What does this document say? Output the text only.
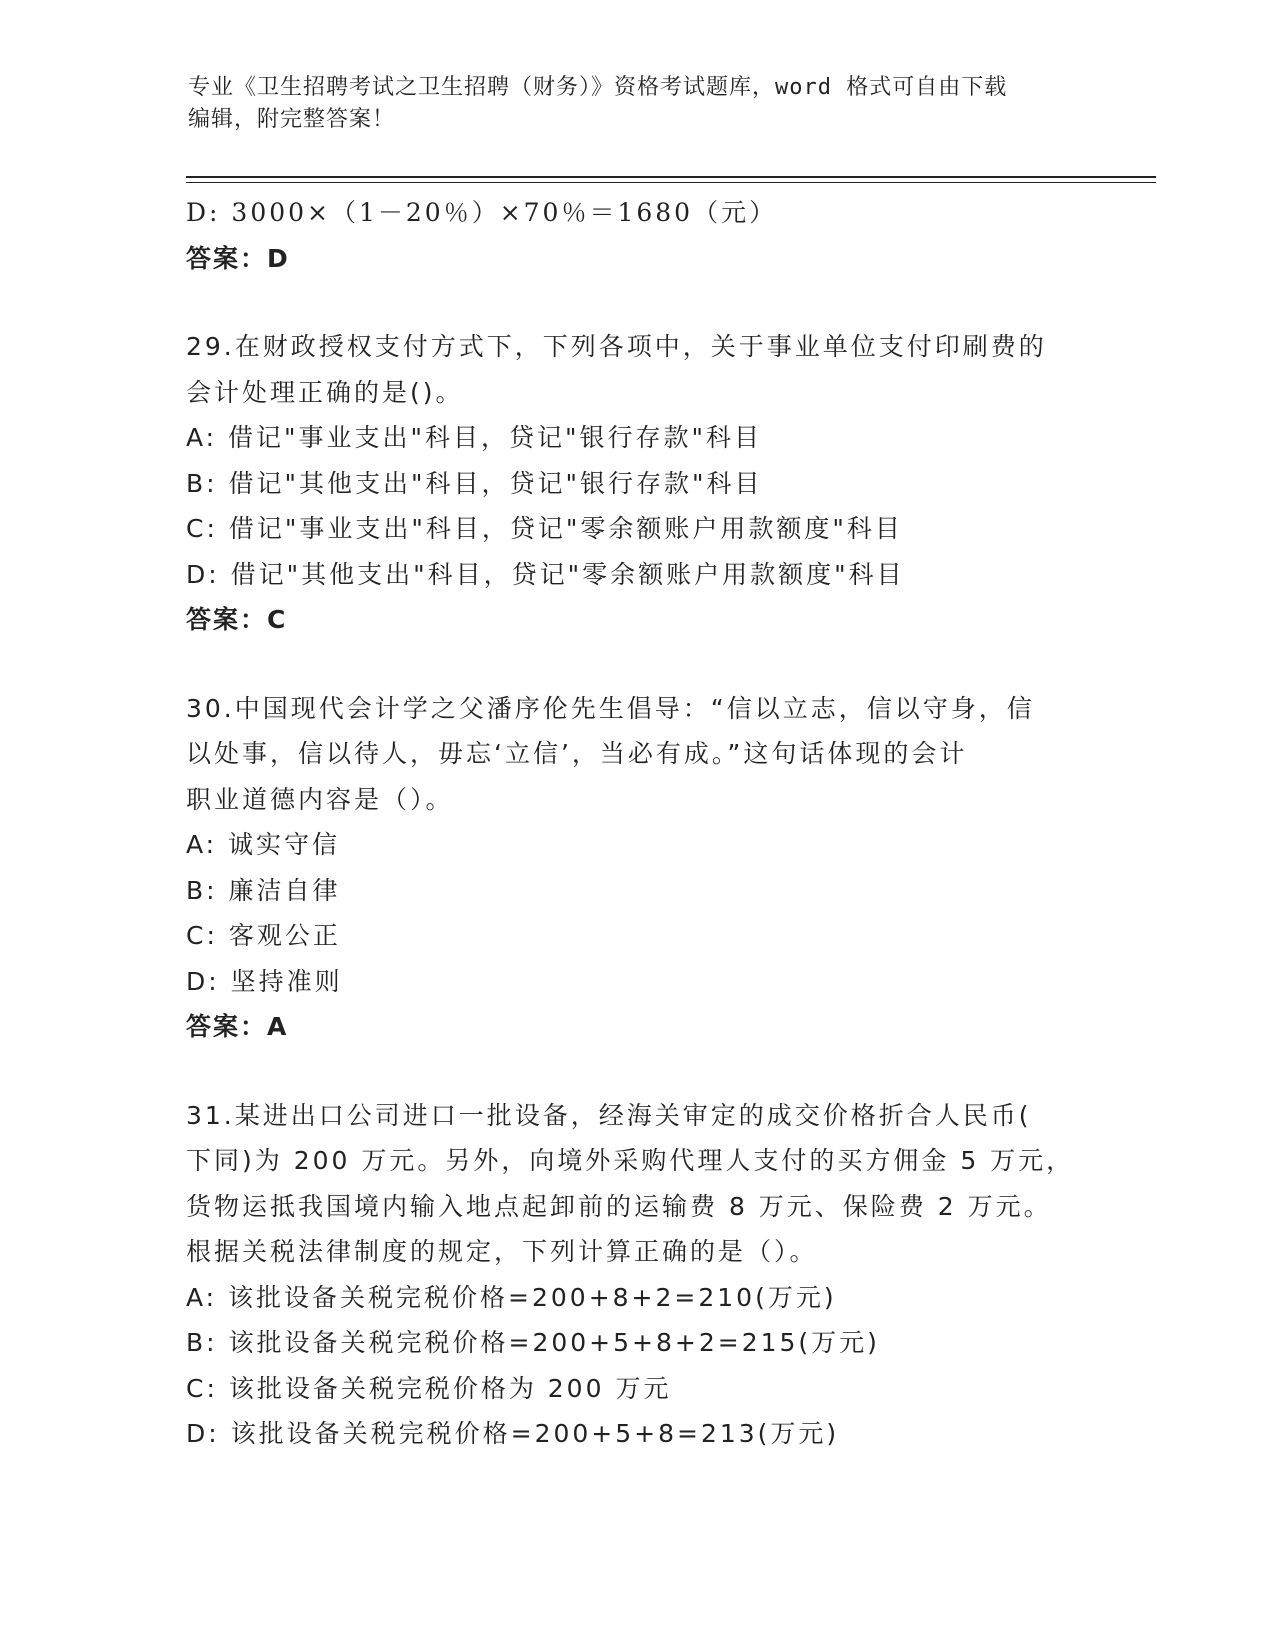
专业《卫生招聘考试之卫生招聘（财务）》资格考试题库，word 格式可自由下载
编辑，附完整答案！
D: 3000×（1－20％）×70％＝1680（元）
答案：D
29.在财政授权支付方式下，下列各项中，关于事业单位支付印刷费的
会计处理正确的是()。
A: 借记"事业支出"科目，贷记"银行存款"科目
B: 借记"其他支出"科目，贷记"银行存款"科目
C: 借记"事业支出"科目，贷记"零余额账户用款额度"科目
D: 借记"其他支出"科目，贷记"零余额账户用款额度"科目
答案：C
30.中国现代会计学之父潘序伦先生倡导：“信以立志，信以守身，信
以处事，信以待人，毋忘‘立信’，当必有成。”这句话体现的会计
职业道德内容是（）。
A: 诚实守信
B: 廉洁自律
C: 客观公正
D: 坚持准则
答案：A
31.某进出口公司进口一批设备，经海关审定的成交价格折合人民币(
下同)为 200 万元。另外，向境外采购代理人支付的买方佣金 5 万元，
货物运抵我国境内输入地点起卸前的运输费 8 万元、保险费 2 万元。
根据关税法律制度的规定，下列计算正确的是（）。
A: 该批设备关税完税价格=200+8+2=210(万元)
B: 该批设备关税完税价格=200+5+8+2=215(万元)
C: 该批设备关税完税价格为 200 万元
D: 该批设备关税完税价格=200+5+8=213(万元)
